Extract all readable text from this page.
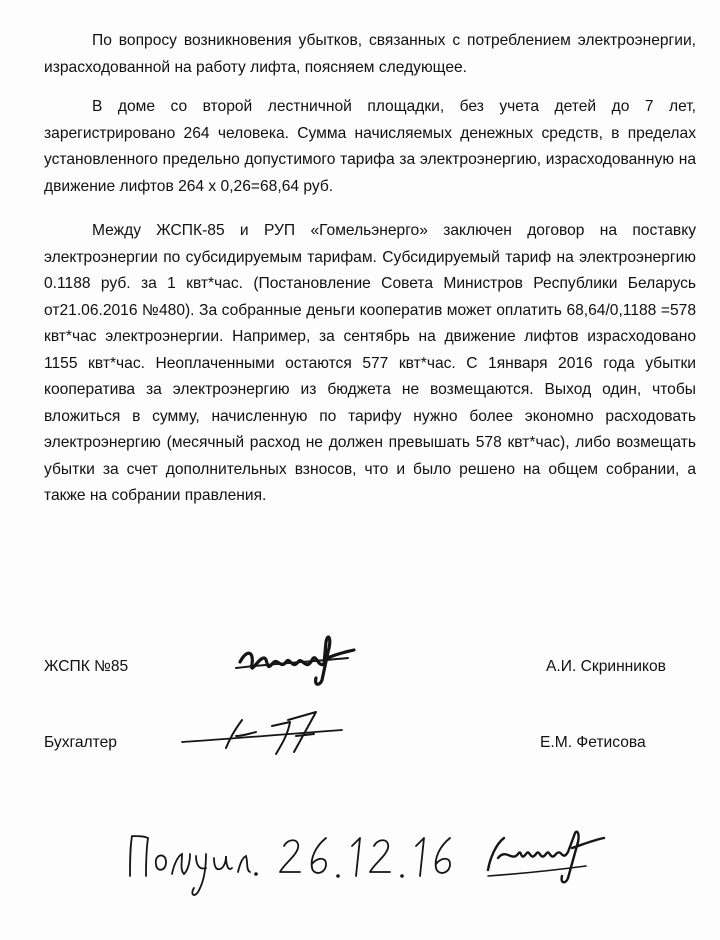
По вопросу возникновения убытков, связанных с потреблением электроэнергии, израсходованной на работу лифта, поясняем следующее.

В доме со второй лестничной площадки, без учета детей до 7 лет, зарегистрировано 264 человека. Сумма начисляемых денежных средств, в пределах установленного предельно допустимого тарифа за электроэнергию, израсходованную на движение лифтов 264 х 0,26=68,64 руб.

Между ЖСПК-85 и РУП «Гомельэнерго» заключен договор на поставку электроэнергии по субсидируемым тарифам. Субсидируемый тариф на электроэнергию 0.1188 руб. за 1 квт*час. (Постановление Совета Министров Республики Беларусь от21.06.2016 №480). За собранные деньги кооператив может оплатить 68,64/0,1188 =578 квт*час электроэнергии. Например, за сентябрь на движение лифтов израсходовано 1155 квт*час. Неоплаченными остаются 577 квт*час. С 1января 2016 года убытки кооператива за электроэнергию из бюджета не возмещаются. Выход один, чтобы вложиться в сумму, начисленную по тарифу нужно более экономно расходовать электроэнергию (месячный расход не должен превышать 578 квт*час), либо возмещать убытки за счет дополнительных взносов, что и было решено на общем собрании, а также на собрании правления.

ЖСПК №85	А.И. Скринников
Бухгалтер	Е.М. Фетисова
